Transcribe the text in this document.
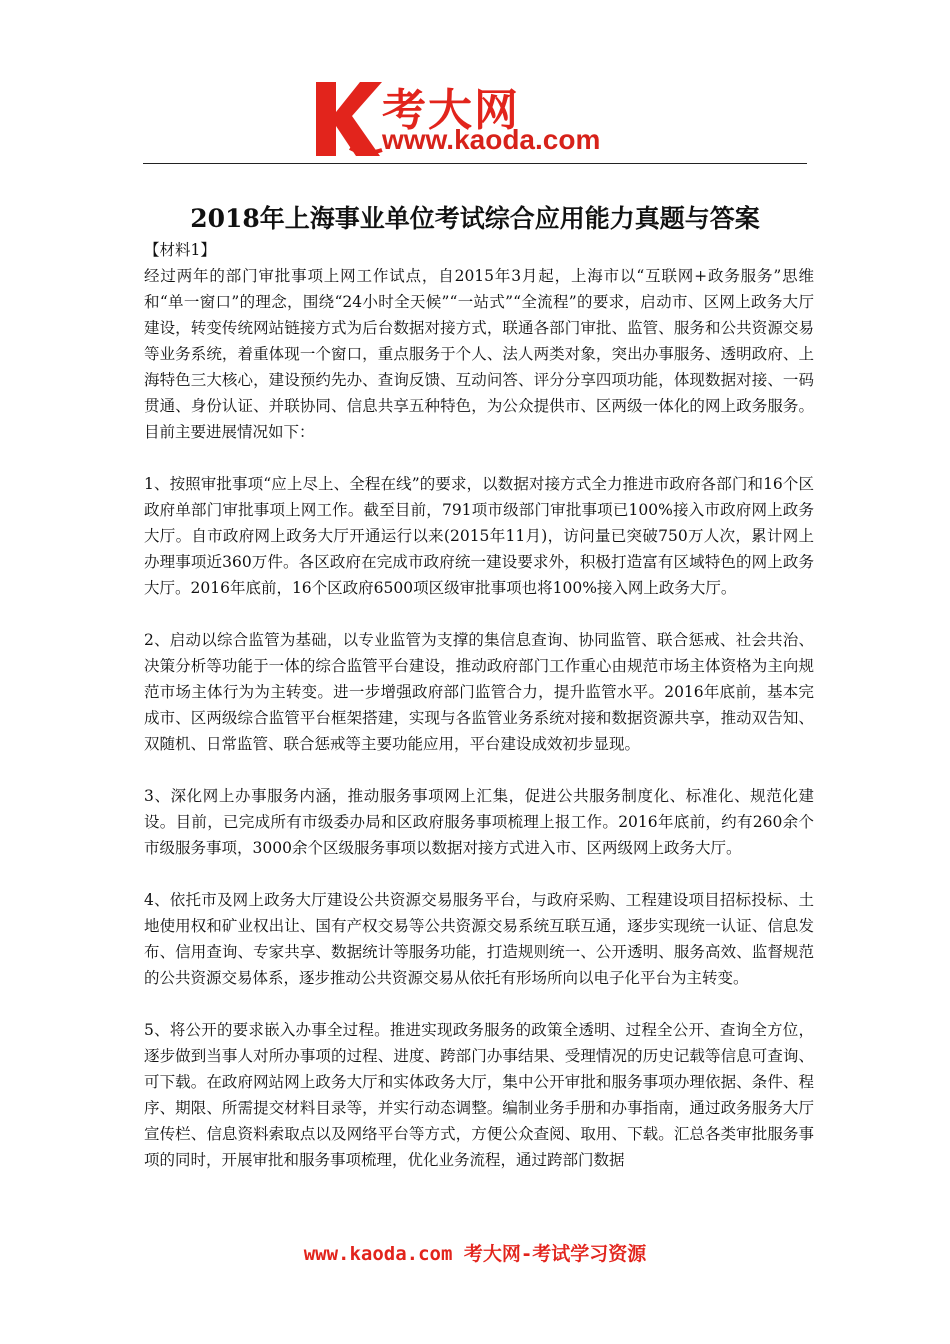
考大网
www.kaoda.com
2018年上海事业单位考试综合应用能力真题与答案

【材料1】

经过两年的部门审批事项上网工作试点，自2015年3月起，上海市以“互联网+政务服务”思维和“单一窗口”的理念，围绕“24小时全天候”“一站式”“全流程”的要求，启动市、区网上政务大厅建设，转变传统网站链接方式为后台数据对接方式，联通各部门审批、监管、服务和公共资源交易等业务系统，着重体现一个窗口，重点服务于个人、法人两类对象，突出办事服务、透明政府、上海特色三大核心，建设预约先办、查询反馈、互动问答、评分分享四项功能，体现数据对接、一码贯通、身份认证、并联协同、信息共享五种特色，为公众提供市、区两级一体化的网上政务服务。目前主要进展情况如下：

1、按照审批事项“应上尽上、全程在线”的要求，以数据对接方式全力推进市政府各部门和16个区政府单部门审批事项上网工作。截至目前，791项市级部门审批事项已100%接入市政府网上政务大厅。自市政府网上政务大厅开通运行以来(2015年11月)，访问量已突破750万人次，累计网上办理事项近360万件。各区政府在完成市政府统一建设要求外，积极打造富有区域特色的网上政务大厅。2016年底前，16个区政府6500项区级审批事项也将100%接入网上政务大厅。

2、启动以综合监管为基础，以专业监管为支撑的集信息查询、协同监管、联合惩戒、社会共治、决策分析等功能于一体的综合监管平台建设，推动政府部门工作重心由规范市场主体资格为主向规范市场主体行为为主转变。进一步增强政府部门监管合力，提升监管水平。2016年底前，基本完成市、区两级综合监管平台框架搭建，实现与各监管业务系统对接和数据资源共享，推动双告知、双随机、日常监管、联合惩戒等主要功能应用，平台建设成效初步显现。

3、深化网上办事服务内涵，推动服务事项网上汇集，促进公共服务制度化、标准化、规范化建设。目前，已完成所有市级委办局和区政府服务事项梳理上报工作。2016年底前，约有260余个市级服务事项，3000余个区级服务事项以数据对接方式进入市、区两级网上政务大厅。

4、依托市及网上政务大厅建设公共资源交易服务平台，与政府采购、工程建设项目招标投标、土地使用权和矿业权出让、国有产权交易等公共资源交易系统互联互通，逐步实现统一认证、信息发布、信用查询、专家共享、数据统计等服务功能，打造规则统一、公开透明、服务高效、监督规范的公共资源交易体系，逐步推动公共资源交易从依托有形场所向以电子化平台为主转变。

5、将公开的要求嵌入办事全过程。推进实现政务服务的政策全透明、过程全公开、查询全方位，逐步做到当事人对所办事项的过程、进度、跨部门办事结果、受理情况的历史记载等信息可查询、可下载。在政府网站网上政务大厅和实体政务大厅，集中公开审批和服务事项办理依据、条件、程序、期限、所需提交材料目录等，并实行动态调整。编制业务手册和办事指南，通过政务服务大厅宣传栏、信息资料索取点以及网络平台等方式，方便公众查阅、取用、下载。汇总各类审批服务事项的同时，开展审批和服务事项梳理，优化业务流程，通过跨部门数据

www.kaoda.com 考大网-考试学习资源
